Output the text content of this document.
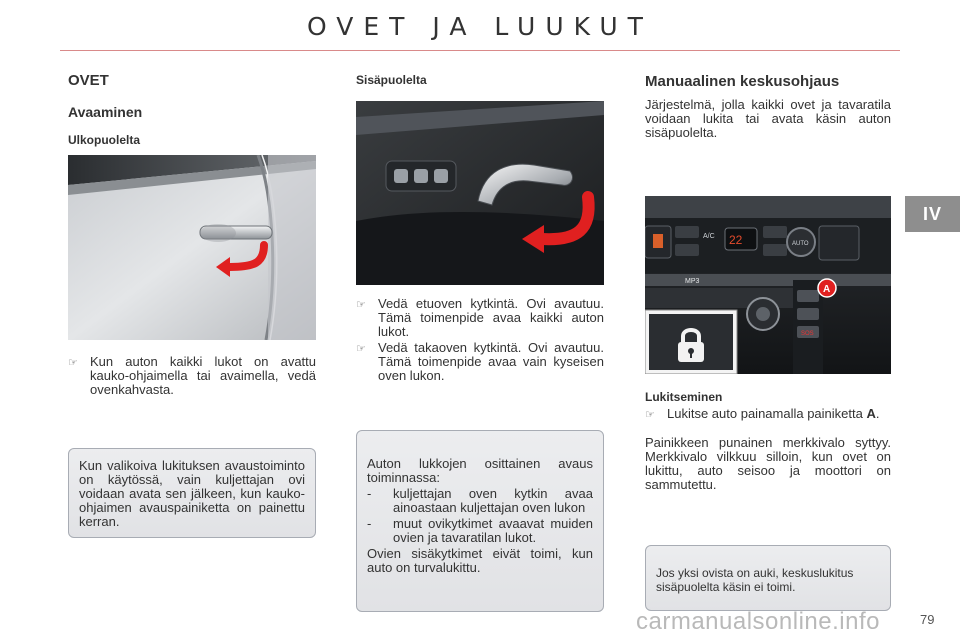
OVET JA LUUKUT
IV
OVET
Avaaminen
Ulkopuolelta
☞ Kun auton kaikki lukot on avattu kauko-ohjaimella tai avaimella, vedä ovenkahvasta.

Kun valikoiva lukituksen avaustoiminto on käytössä, vain kuljettajan ovi voidaan avata sen jälkeen, kun kauko-ohjaimen avauspainiketta on painettu kerran.

Sisäpuolelta
☞ Vedä etuoven kytkintä. Ovi avautuu. Tämä toimenpide avaa kaikki auton lukot.
☞ Vedä takaoven kytkintä. Ovi avautuu. Tämä toimenpide avaa vain kyseisen oven lukon.

Auton lukkojen osittainen avaus toiminnassa:

-	kuljettajan oven kytkin avaa ainoastaan kuljettajan oven lukon
-	muut ovikytkimet avaavat muiden ovien ja tavaratilan lukot.

Ovien sisäkytkimet eivät toimi, kun auto on turvalukittu.

Manuaalinen keskusohjaus

Järjestelmä, jolla kaikki ovet ja tavaratila voidaan lukita tai avata käsin auton sisäpuolelta.

A/C 22	AUTO
MP3
SOS
A
Lukitseminen
☞ Lukitse auto painamalla painiketta A.

Painikkeen punainen merkkivalo syttyy. Merkkivalo vilkkuu silloin, kun ovet on lukittu, auto seisoo ja moottori on sammutettu.

Jos yksi ovista on auki, keskuslukitus sisäpuolelta käsin ei toimi.

carmanualsonline.info	79
